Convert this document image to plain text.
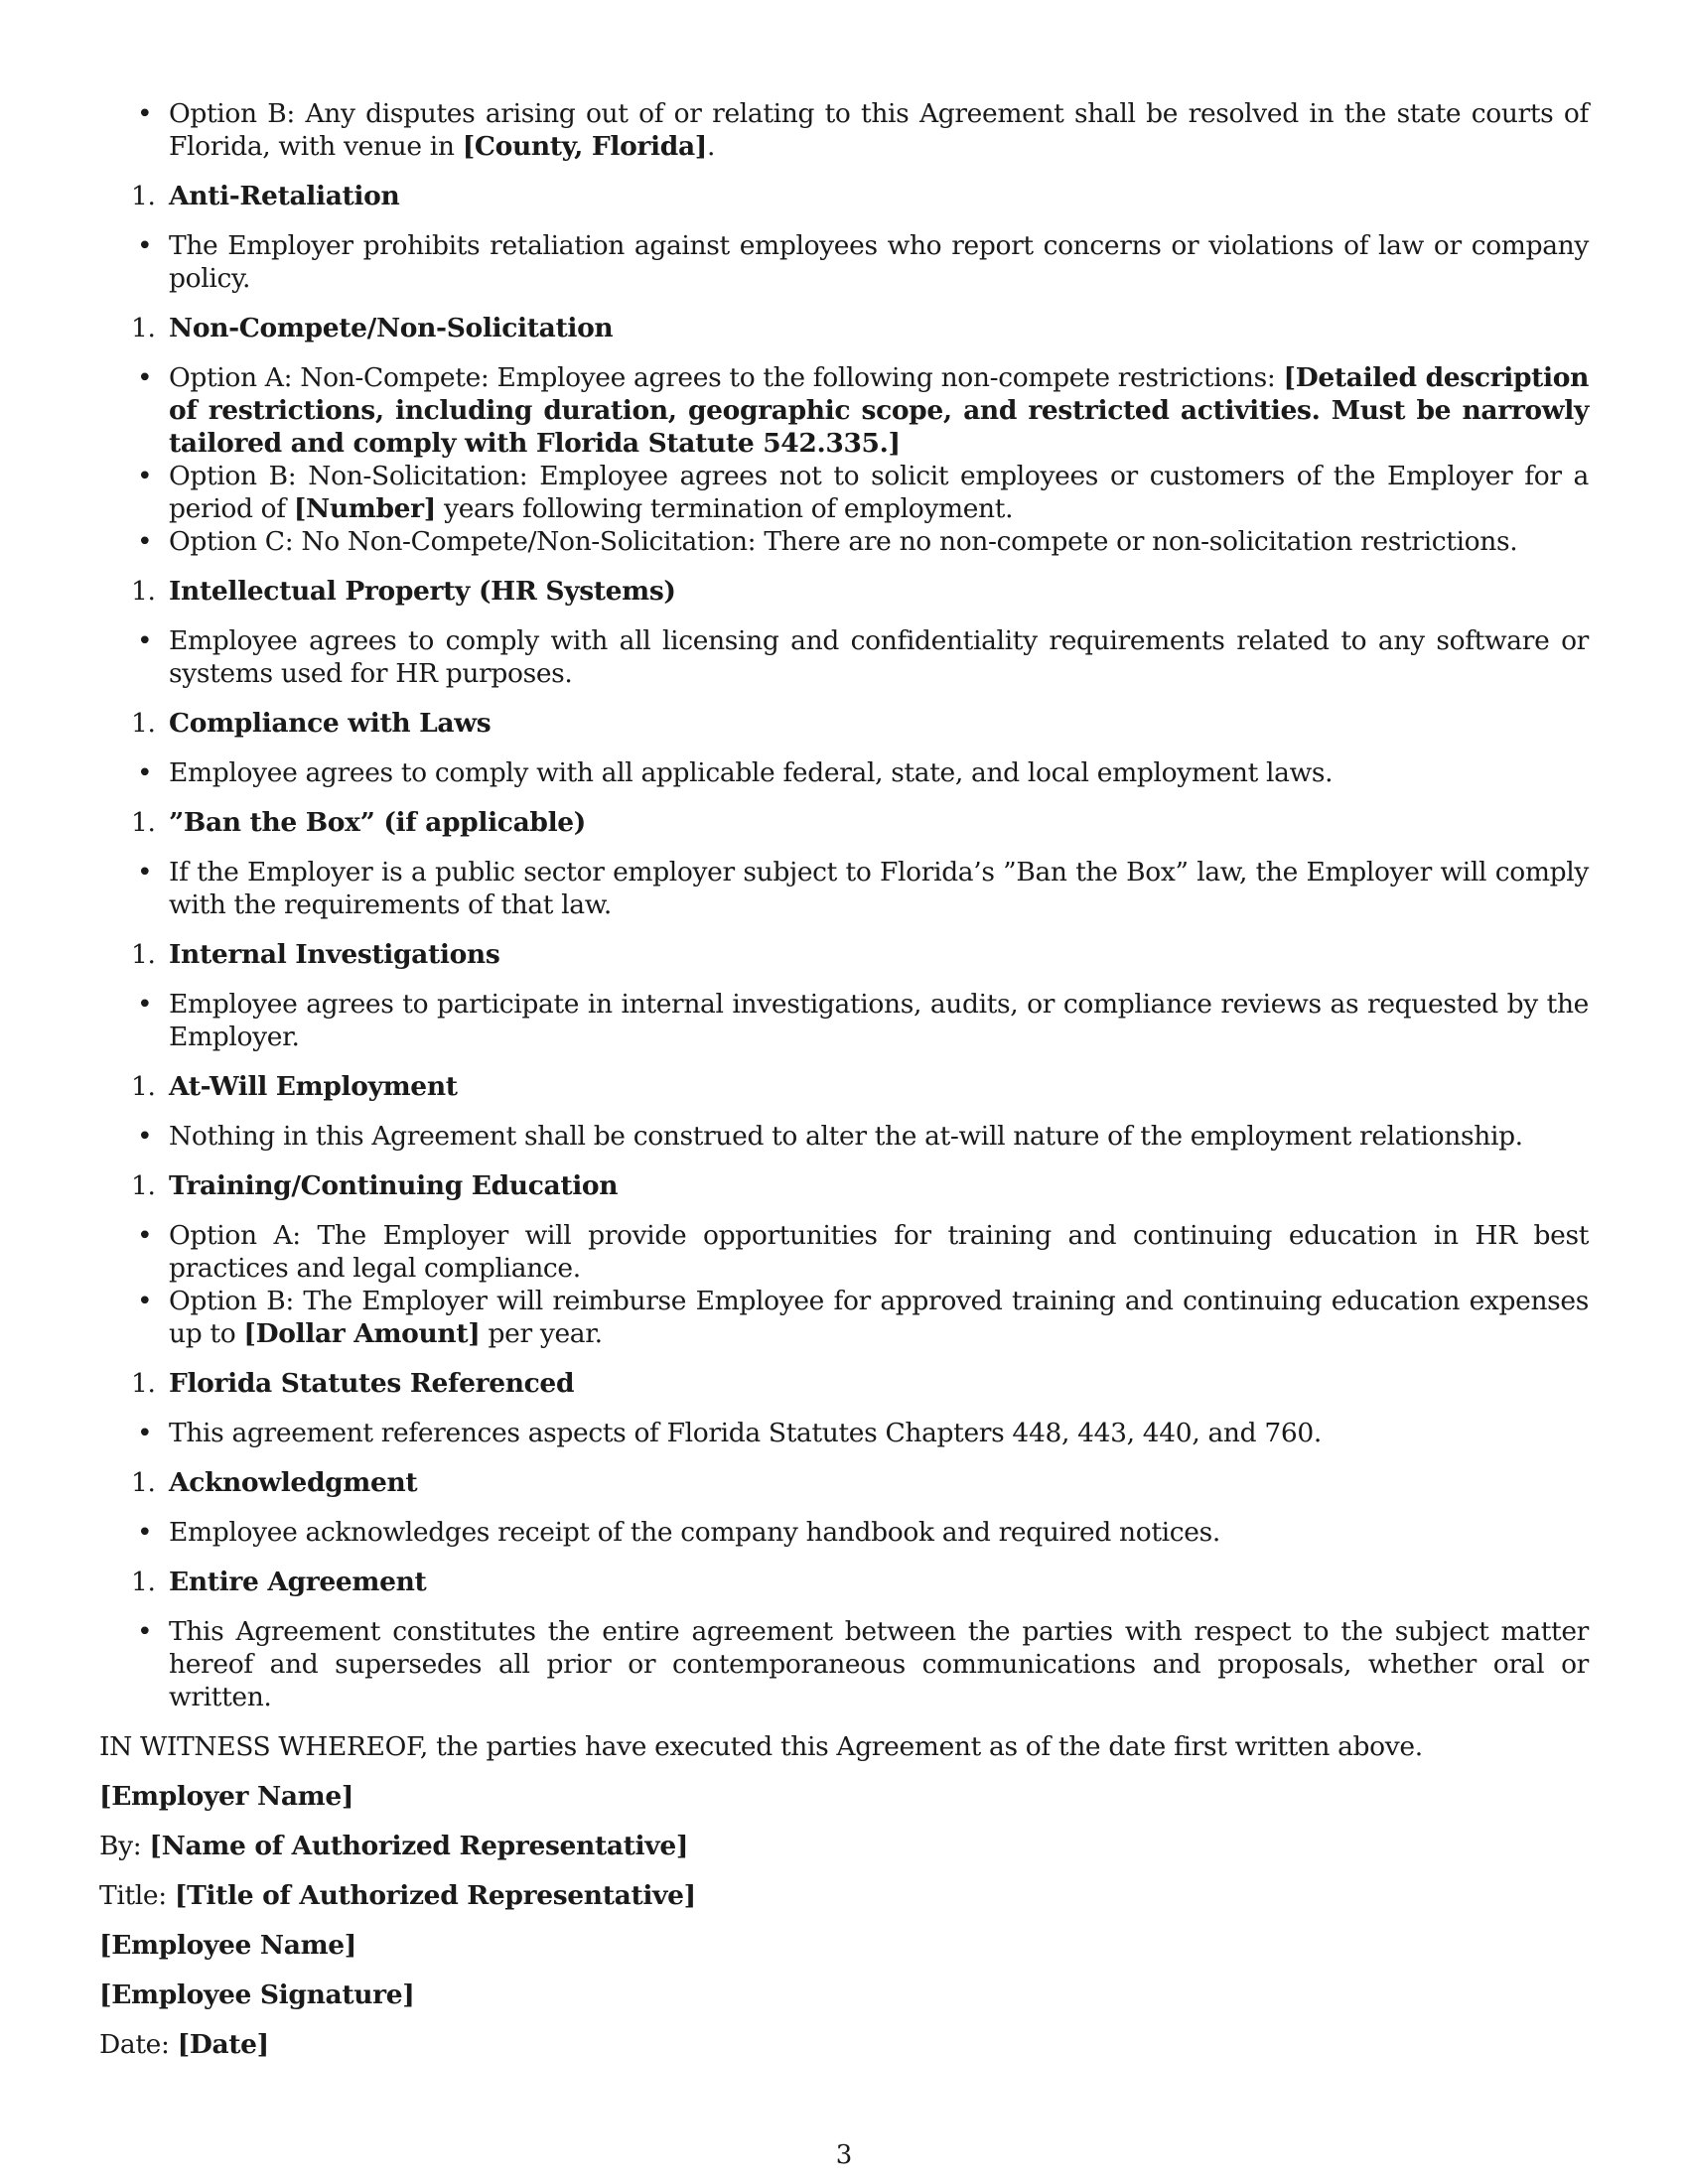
• Option B: Any disputes arising out of or relating to this Agreement shall be resolved in the state courts of Florida, with venue in [County, Florida].
1. Anti-Retaliation
• The Employer prohibits retaliation against employees who report concerns or violations of law or company policy.
1. Non-Compete/Non-Solicitation
• Option A: Non-Compete: Employee agrees to the following non-compete restrictions: [Detailed description of restrictions, including duration, geographic scope, and restricted activities. Must be narrowly tailored and comply with Florida Statute 542.335.]
• Option B: Non-Solicitation: Employee agrees not to solicit employees or customers of the Employer for a period of [Number] years following termination of employment.
• Option C: No Non-Compete/Non-Solicitation: There are no non-compete or non-solicitation restrictions.
1. Intellectual Property (HR Systems)
• Employee agrees to comply with all licensing and confidentiality requirements related to any software or systems used for HR purposes.
1. Compliance with Laws
• Employee agrees to comply with all applicable federal, state, and local employment laws.
1. ”Ban the Box” (if applicable)
• If the Employer is a public sector employer subject to Florida’s ”Ban the Box” law, the Employer will comply with the requirements of that law.
1. Internal Investigations
• Employee agrees to participate in internal investigations, audits, or compliance reviews as requested by the Employer.
1. At-Will Employment
• Nothing in this Agreement shall be construed to alter the at-will nature of the employment relationship.
1. Training/Continuing Education
• Option A: The Employer will provide opportunities for training and continuing education in HR best practices and legal compliance.
• Option B: The Employer will reimburse Employee for approved training and continuing education expenses up to [Dollar Amount] per year.
1. Florida Statutes Referenced
• This agreement references aspects of Florida Statutes Chapters 448, 443, 440, and 760.
1. Acknowledgment
• Employee acknowledges receipt of the company handbook and required notices.
1. Entire Agreement
• This Agreement constitutes the entire agreement between the parties with respect to the subject matter hereof and supersedes all prior or contemporaneous communications and proposals, whether oral or written.

IN WITNESS WHEREOF, the parties have executed this Agreement as of the date first written above.

[Employer Name]

By: [Name of Authorized Representative]

Title: [Title of Authorized Representative]

[Employee Name]

[Employee Signature]

Date: [Date]

3
